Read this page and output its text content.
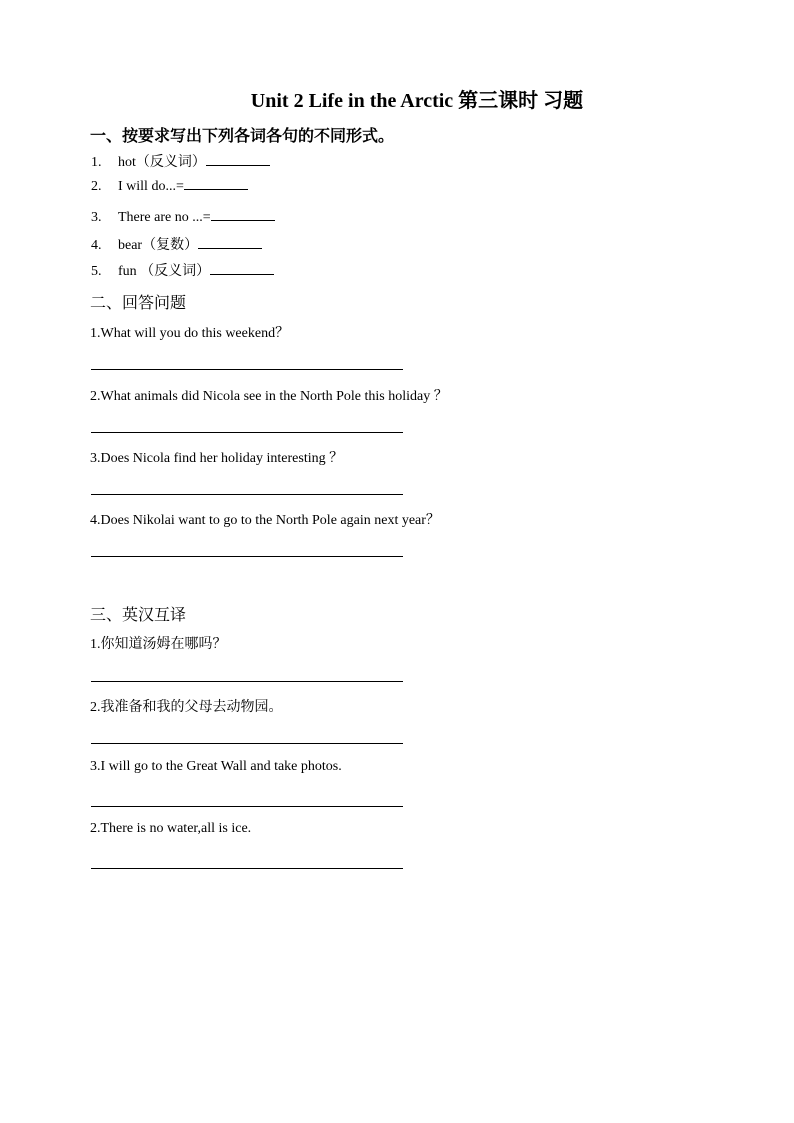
Unit 2 Life in the Arctic 第三课时 习题
一、按要求写出下列各词各句的不同形式。
1. hot（反义词）
2. I will do...=
3. There are no ...=
4. bear（复数）
5. fun （反义词）
二、回答问题
1.What will you do this weekend？
2.What animals did Nicola see in the North Pole this holiday ？
3.Does Nicola find her holiday interesting ？
4.Does Nikolai want to go to the North Pole again next year？
三、英汉互译
1.你知道汤姆在哪吗？
2.我准备和我的父母去动物园。
3.I will go to the Great Wall and take photos.
2.There is no water,all is ice.
